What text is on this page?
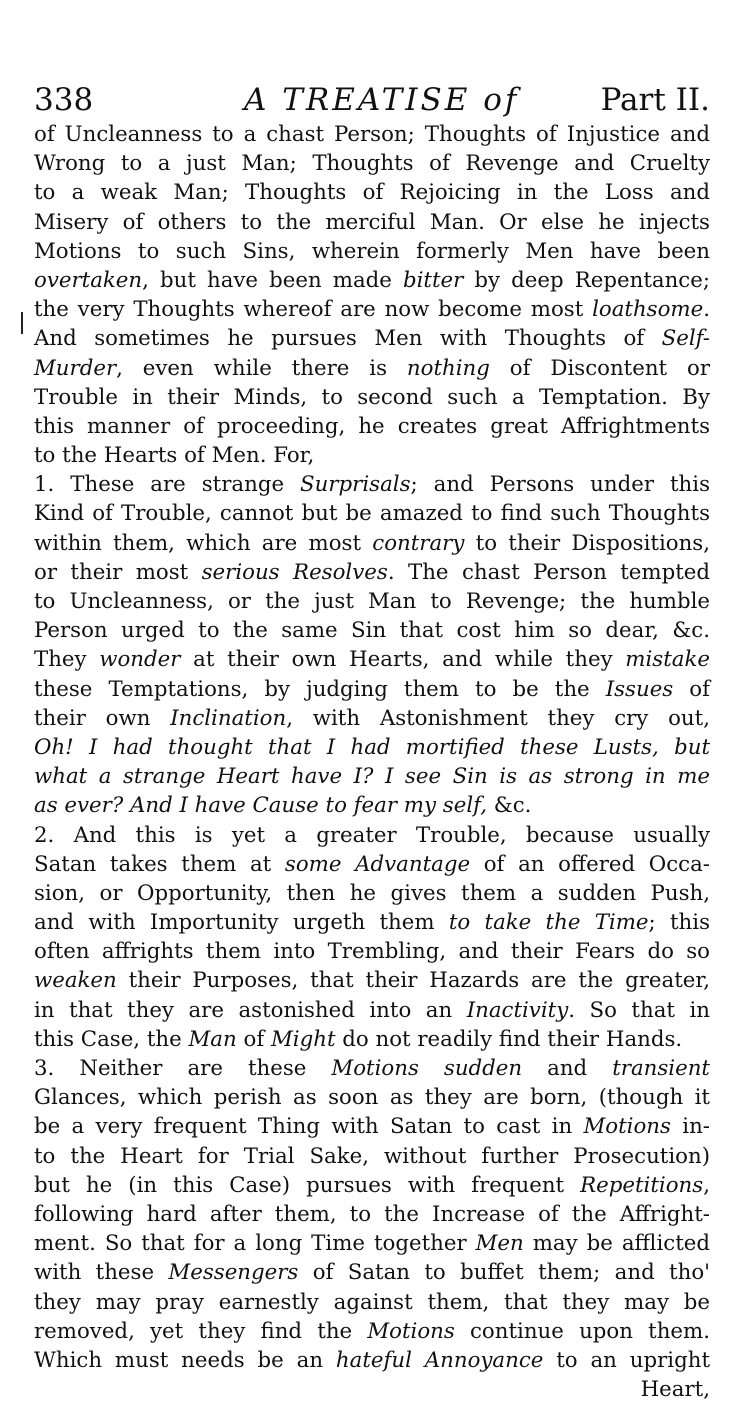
338	A TREATISE of	Part II.
of Uncleanness to a chast Person; Thoughts of Injustice and
Wrong to a just Man; Thoughts of Revenge and Cruelty
to a weak Man; Thoughts of Rejoicing in the Loss and
Misery of others to the merciful Man. Or else he injects
Motions to such Sins, wherein formerly Men have been
overtaken, but have been made bitter by deep Repentance;
the very Thoughts whereof are now become most loathsome.
And sometimes he pursues Men with Thoughts of Self-
Murder, even while there is nothing of Discontent or
Trouble in their Minds, to second such a Temptation. By
this manner of proceeding, he creates great Affrightments
to the Hearts of Men. For,
1. These are strange Surprisals; and Persons under this
Kind of Trouble, cannot but be amazed to find such Thoughts
within them, which are most contrary to their Dispositions,
or their most serious Resolves. The chast Person tempted
to Uncleanness, or the just Man to Revenge; the humble
Person urged to the same Sin that cost him so dear, &c.
They wonder at their own Hearts, and while they mistake
these Temptations, by judging them to be the Issues of
their own Inclination, with Astonishment they cry out,
Oh! I had thought that I had mortified these Lusts, but
what a strange Heart have I? I see Sin is as strong in me
as ever? And I have Cause to fear my self, &c.
2. And this is yet a greater Trouble, because usually
Satan takes them at some Advantage of an offered Occa-
sion, or Opportunity, then he gives them a sudden Push,
and with Importunity urgeth them to take the Time; this
often affrights them into Trembling, and their Fears do so
weaken their Purposes, that their Hazards are the greater,
in that they are astonished into an Inactivity. So that in
this Case, the Man of Might do not readily find their Hands.
3. Neither are these Motions sudden and transient
Glances, which perish as soon as they are born, (though it
be a very frequent Thing with Satan to cast in Motions in-
to the Heart for Trial Sake, without further Prosecution)
but he (in this Case) pursues with frequent Repetitions,
following hard after them, to the Increase of the Affright-
ment. So that for a long Time together Men may be afflicted
with these Messengers of Satan to buffet them; and tho'
they may pray earnestly against them, that they may be
removed, yet they find the Motions continue upon them.
Which must needs be an hateful Annoyance to an upright
Heart,
